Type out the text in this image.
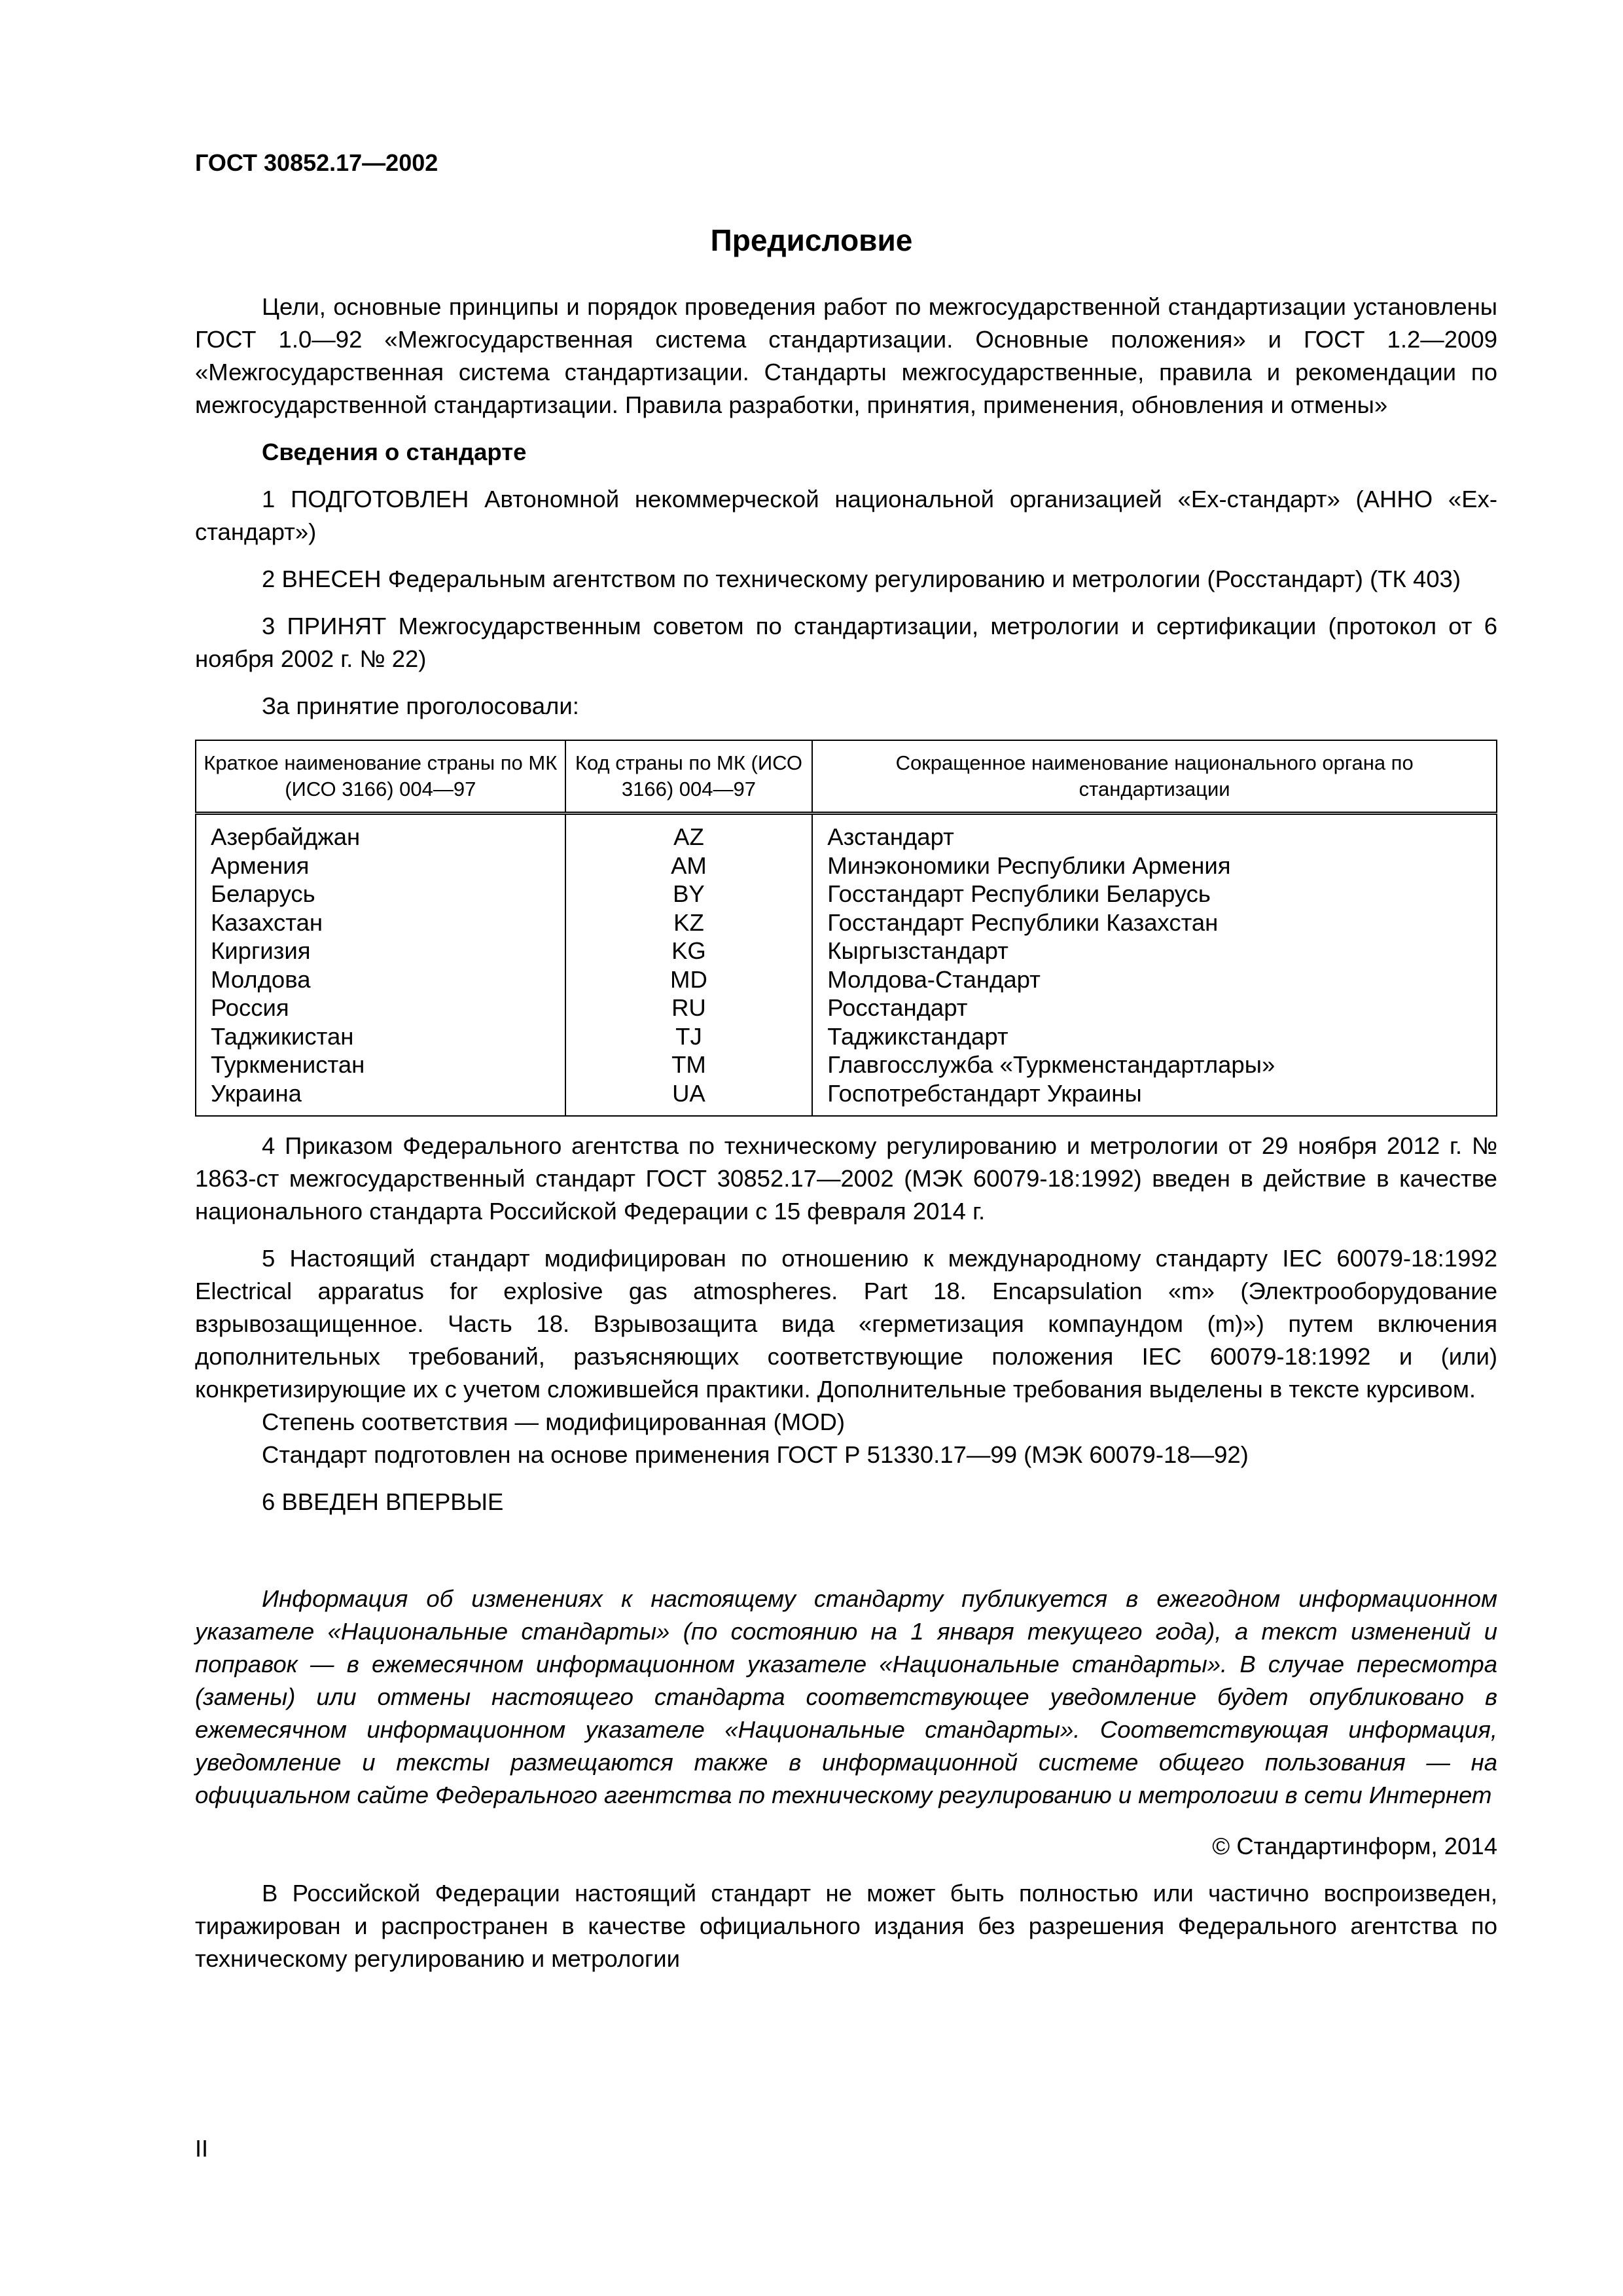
ГОСТ 30852.17—2002
Предисловие

Цели, основные принципы и порядок проведения работ по межгосударственной стандартизации установлены ГОСТ 1.0—92 «Межгосударственная система стандартизации. Основные положения» и ГОСТ 1.2—2009 «Межгосударственная система стандартизации. Стандарты межгосударственные, правила и рекомендации по межгосударственной стандартизации. Правила разработки, принятия, применения, обновления и отмены»

Сведения о стандарте

1 ПОДГОТОВЛЕН Автономной некоммерческой национальной организацией «Ex-стандарт» (АННО «Ех-стандарт»)

2 ВНЕСЕН Федеральным агентством по техническому регулированию и метрологии (Росстандарт) (ТК 403)

3 ПРИНЯТ Межгосударственным советом по стандартизации, метрологии и сертификации (протокол от 6 ноября 2002 г. № 22)

За принятие проголосовали:

Краткое наименование страны по МК (ИСО 3166) 004—97	Код страны по МК (ИСО 3166) 004—97	Сокращенное наименование национального органа по стандартизации
Азербайджан	AZ	Азстандарт
Армения	AM	Минэкономики Республики Армения
Беларусь	BY	Госстандарт Республики Беларусь
Казахстан	KZ	Госстандарт Республики Казахстан
Киргизия	KG	Кыргызстандарт
Молдова	MD	Молдова-Стандарт
Россия	RU	Росстандарт
Таджикистан	TJ	Таджикстандарт
Туркменистан	TM	Главгосслужба «Туркменстандартлары»
Украина	UA	Госпотребстандарт Украины

4 Приказом Федерального агентства по техническому регулированию и метрологии от 29 ноября 2012 г. № 1863-ст межгосударственный стандарт ГОСТ 30852.17—2002 (МЭК 60079-18:1992) введен в действие в качестве национального стандарта Российской Федерации с 15 февраля 2014 г.

5 Настоящий стандарт модифицирован по отношению к международному стандарту IEC 60079-18:1992 Electrical apparatus for explosive gas atmospheres. Part 18. Encapsulation «m» (Электрооборудование взрывозащищенное. Часть 18. Взрывозащита вида «герметизация компаундом (m)») путем включения дополнительных требований, разъясняющих соответствующие положения IEC 60079-18:1992 и (или) конкретизирующие их с учетом сложившейся практики. Дополнительные требования выделены в тексте курсивом.

Степень соответствия — модифицированная (MOD)

Стандарт подготовлен на основе применения ГОСТ Р 51330.17—99 (МЭК 60079-18—92)

6 ВВЕДЕН ВПЕРВЫЕ

Информация об изменениях к настоящему стандарту публикуется в ежегодном информационном указателе «Национальные стандарты» (по состоянию на 1 января текущего года), а текст изменений и поправок — в ежемесячном информационном указателе «Национальные стандарты». В случае пересмотра (замены) или отмены настоящего стандарта соответствующее уведомление будет опубликовано в ежемесячном информационном указателе «Национальные стандарты». Соответствующая информация, уведомление и тексты размещаются также в информационной системе общего пользования — на официальном сайте Федерального агентства по техническому регулированию и метрологии в сети Интернет

© Стандартинформ, 2014

В Российской Федерации настоящий стандарт не может быть полностью или частично воспроизведен, тиражирован и распространен в качестве официального издания без разрешения Федерального агентства по техническому регулированию и метрологии

II
